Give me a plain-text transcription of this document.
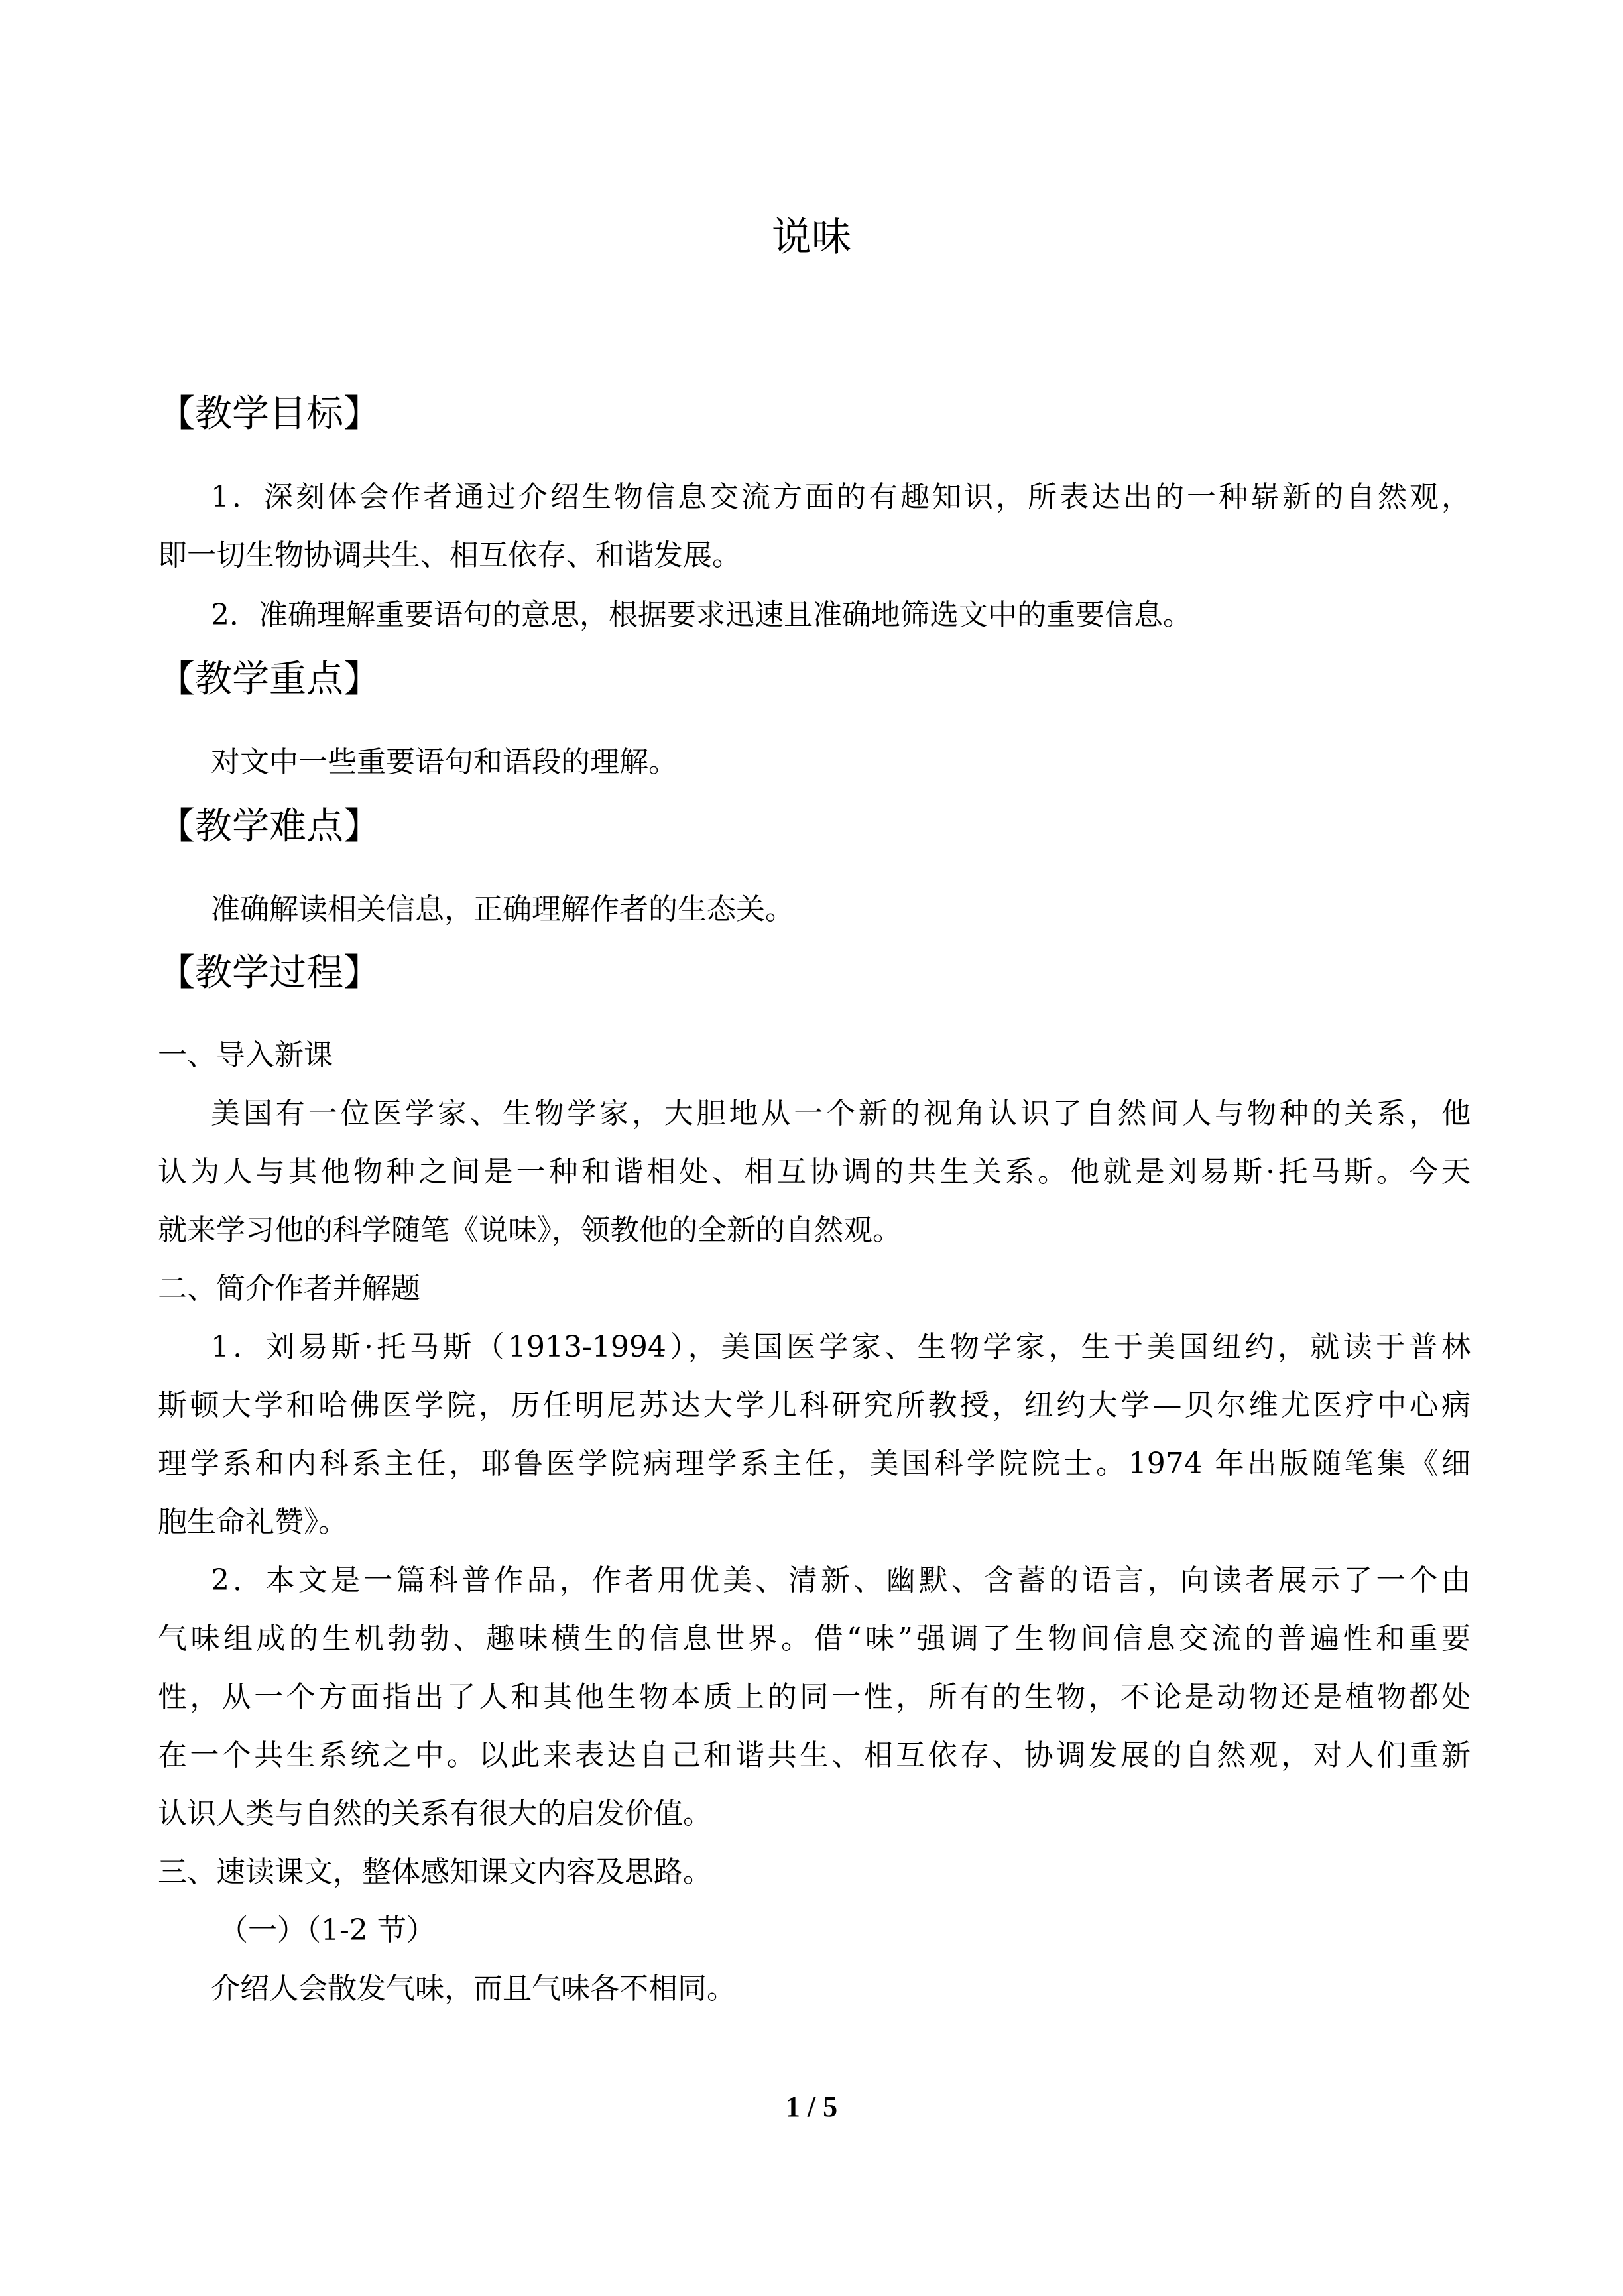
说味
【教学目标】
1．深刻体会作者通过介绍生物信息交流方面的有趣知识，所表达出的一种崭新的自然观，
即一切生物协调共生、相互依存、和谐发展。
2．准确理解重要语句的意思，根据要求迅速且准确地筛选文中的重要信息。
【教学重点】
对文中一些重要语句和语段的理解。
【教学难点】
准确解读相关信息，正确理解作者的生态关。
【教学过程】
一、导入新课
美国有一位医学家、生物学家，大胆地从一个新的视角认识了自然间人与物种的关系，他
认为人与其他物种之间是一种和谐相处、相互协调的共生关系。他就是刘易斯·托马斯。今天
就来学习他的科学随笔《说味》，领教他的全新的自然观。
二、简介作者并解题
1．刘易斯·托马斯（1913-1994），美国医学家、生物学家，生于美国纽约，就读于普林
斯顿大学和哈佛医学院，历任明尼苏达大学儿科研究所教授，纽约大学—贝尔维尤医疗中心病
理学系和内科系主任，耶鲁医学院病理学系主任，美国科学院院士。1974 年出版随笔集《细
胞生命礼赞》。
2．本文是一篇科普作品，作者用优美、清新、幽默、含蓄的语言，向读者展示了一个由
气味组成的生机勃勃、趣味横生的信息世界。借“味”强调了生物间信息交流的普遍性和重要
性，从一个方面指出了人和其他生物本质上的同一性，所有的生物，不论是动物还是植物都处
在一个共生系统之中。以此来表达自己和谐共生、相互依存、协调发展的自然观，对人们重新
认识人类与自然的关系有很大的启发价值。
三、速读课文，整体感知课文内容及思路。
（一）（1-2 节）
介绍人会散发气味，而且气味各不相同。
1 / 5
